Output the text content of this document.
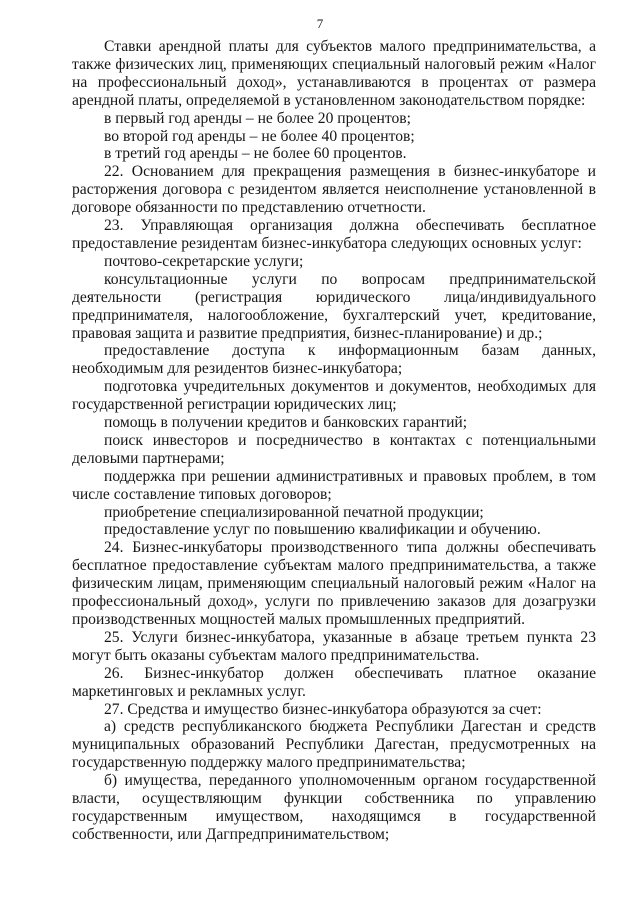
7

Ставки арендной платы для субъектов малого предпринимательства, а также физических лиц, применяющих специальный налоговый режим «Налог на профессиональный доход», устанавливаются в процентах от размера арендной платы, определяемой в установленном законодательством порядке:

в первый год аренды – не более 20 процентов;

во второй год аренды – не более 40 процентов;

в третий год аренды – не более 60 процентов.

22. Основанием для прекращения размещения в бизнес-инкубаторе и расторжения договора с резидентом является неисполнение установленной в договоре обязанности по представлению отчетности.

23. Управляющая организация должна обеспечивать бесплатное предоставление резидентам бизнес-инкубатора следующих основных услуг:

почтово-секретарские услуги;

консультационные услуги по вопросам предпринимательской деятельности (регистрация юридического лица/индивидуального предпринимателя, налогообложение, бухгалтерский учет, кредитование, правовая защита и развитие предприятия, бизнес-планирование) и др.;

предоставление доступа к информационным базам данных, необходимым для резидентов бизнес-инкубатора;

подготовка учредительных документов и документов, необходимых для государственной регистрации юридических лиц;

помощь в получении кредитов и банковских гарантий;

поиск инвесторов и посредничество в контактах с потенциальными деловыми партнерами;

поддержка при решении административных и правовых проблем, в том числе составление типовых договоров;

приобретение специализированной печатной продукции;

предоставление услуг по повышению квалификации и обучению.

24. Бизнес-инкубаторы производственного типа должны обеспечивать бесплатное предоставление субъектам малого предпринимательства, а также физическим лицам, применяющим специальный налоговый режим «Налог на профессиональный доход», услуги по привлечению заказов для дозагрузки производственных мощностей малых промышленных предприятий.

25. Услуги бизнес-инкубатора, указанные в абзаце третьем пункта 23 могут быть оказаны субъектам малого предпринимательства.

26. Бизнес-инкубатор должен обеспечивать платное оказание маркетинговых и рекламных услуг.

27. Средства и имущество бизнес-инкубатора образуются за счет:

а) средств республиканского бюджета Республики Дагестан и средств муниципальных образований Республики Дагестан, предусмотренных на государственную поддержку малого предпринимательства;

б) имущества, переданного уполномоченным органом государственной власти, осуществляющим функции собственника по управлению государственным имуществом, находящимся в государственной собственности, или Дагпредпринимательством;
